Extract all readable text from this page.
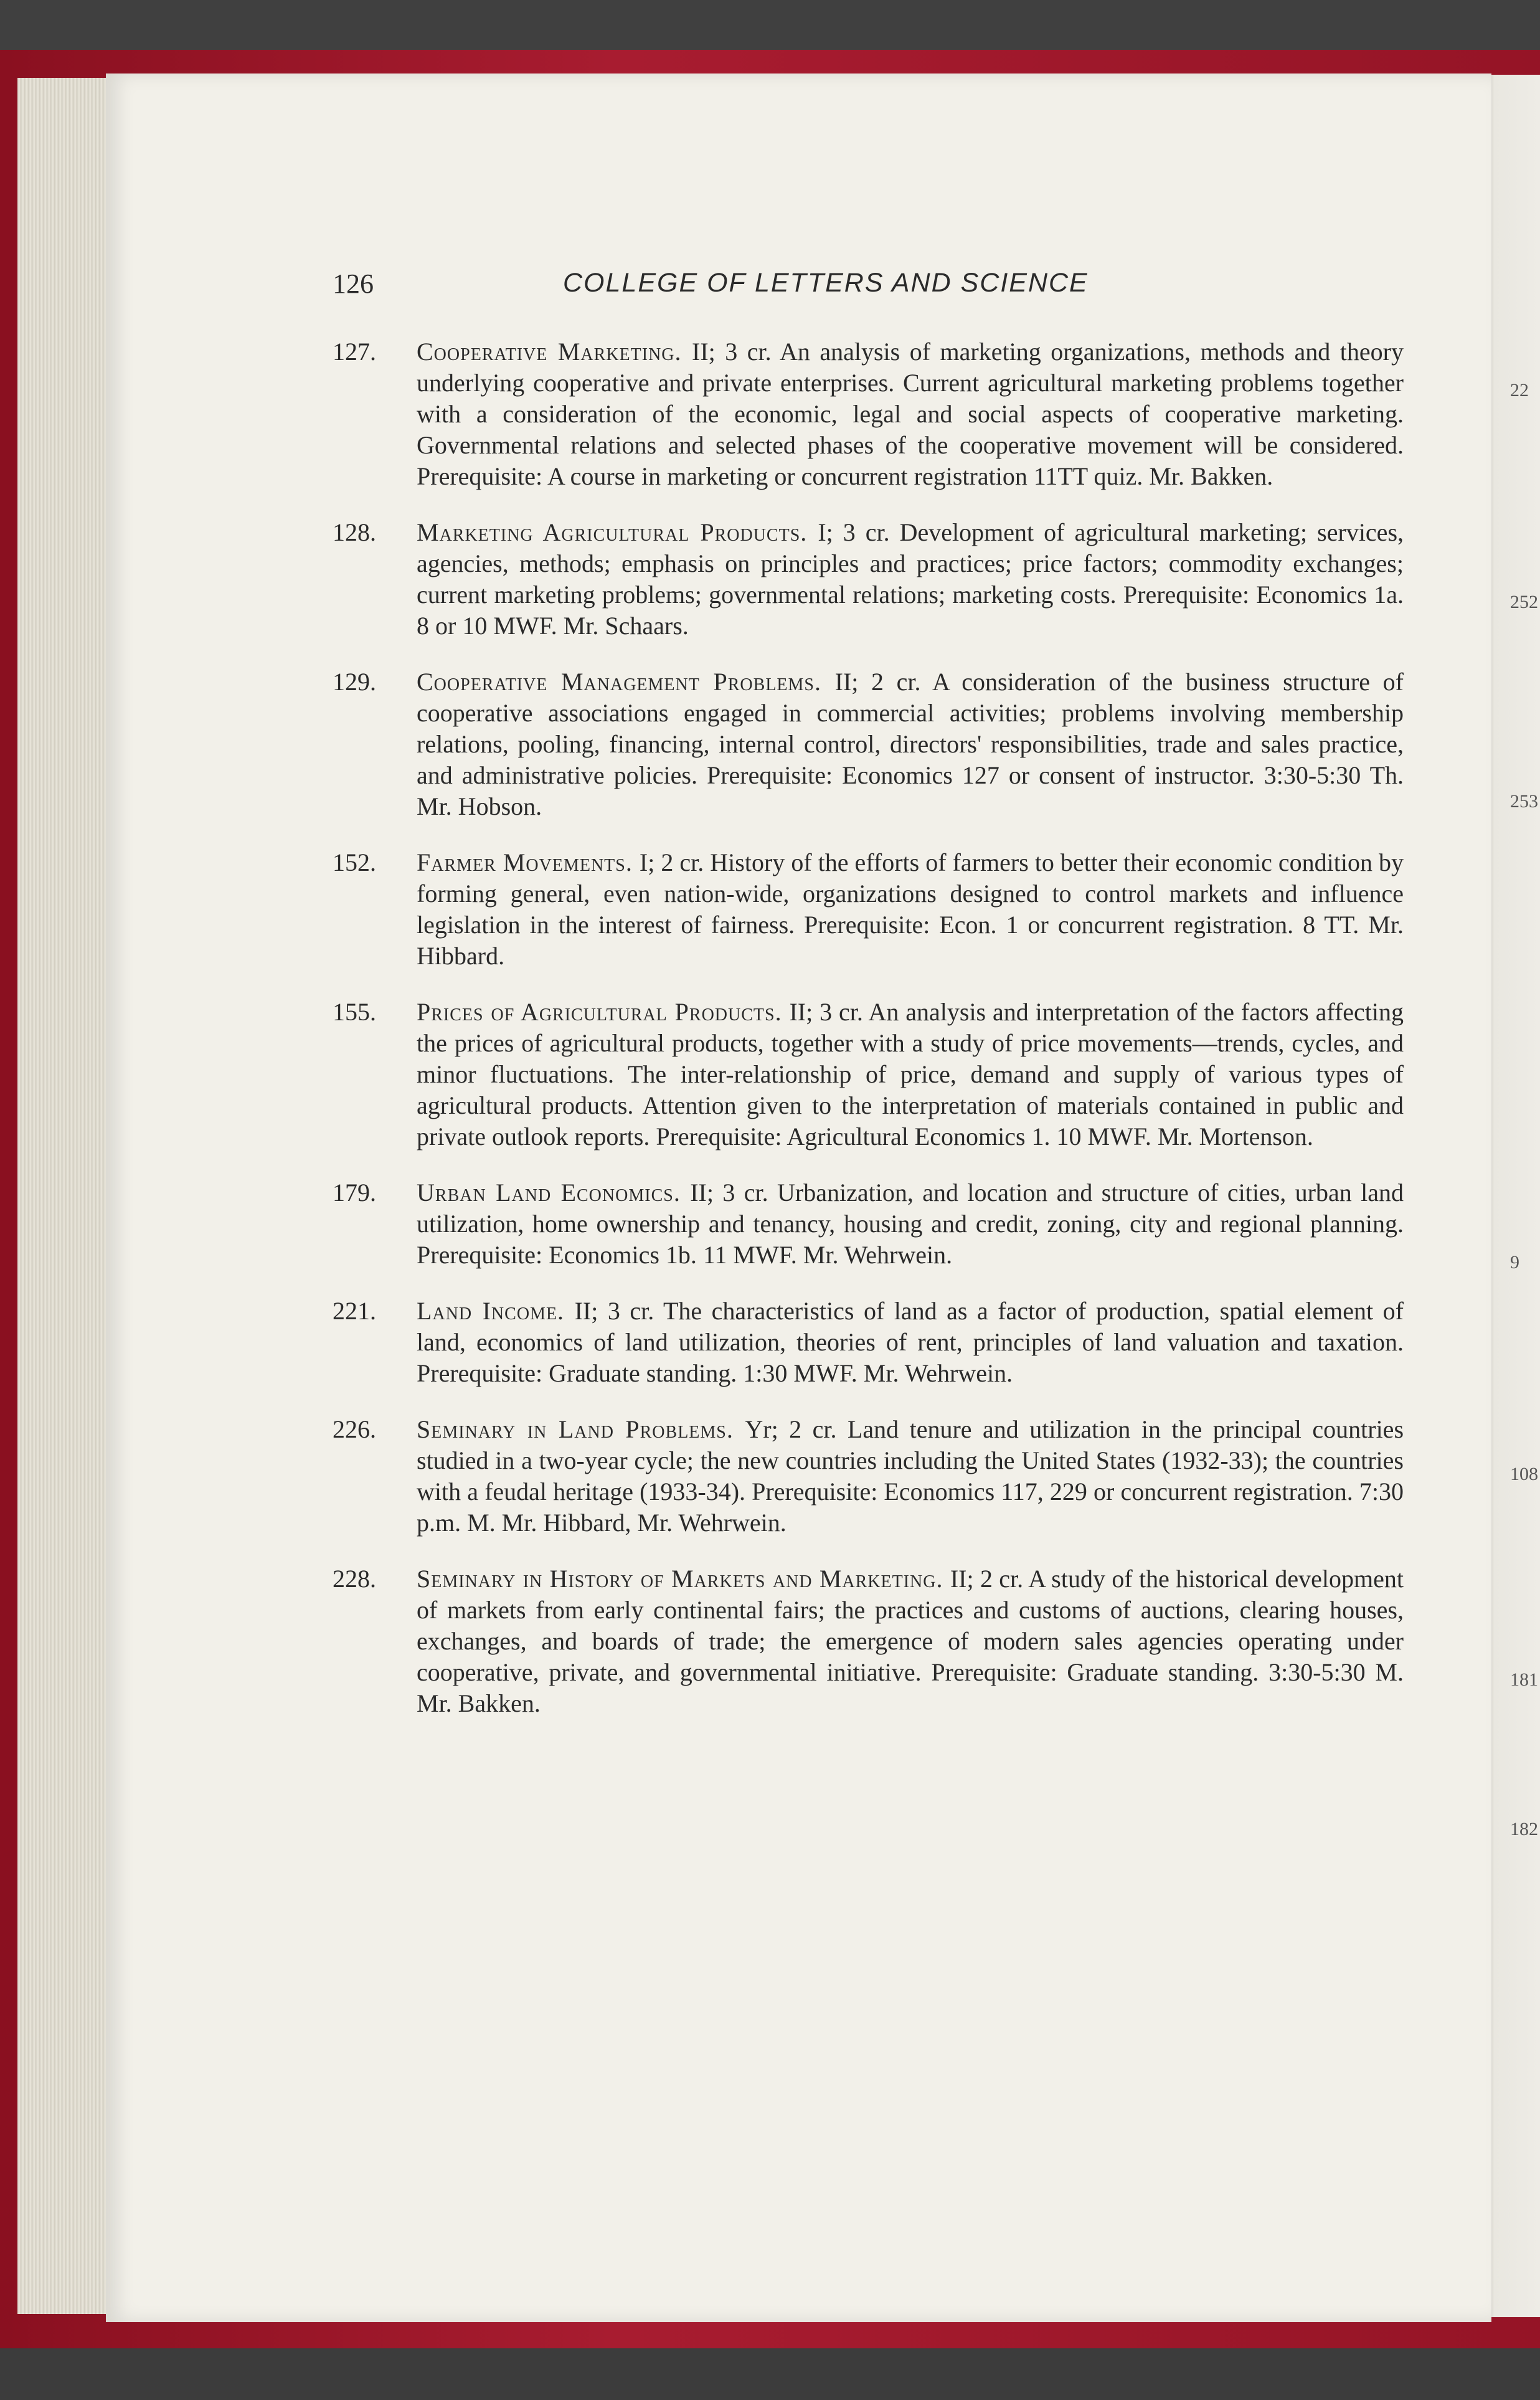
22
252
253
9
108
181
182
126	COLLEGE OF LETTERS AND SCIENCE
127. Cooperative Marketing. II; 3 cr. An analysis of marketing organizations, methods and theory underlying cooperative and private enterprises. Current agricultural marketing problems together with a consideration of the economic, legal and social aspects of cooperative marketing. Governmental relations and selected phases of the cooperative movement will be considered. Prerequisite: A course in marketing or concurrent registration 11TT quiz. Mr. Bakken.
128. Marketing Agricultural Products. I; 3 cr. Development of agricultural marketing; services, agencies, methods; emphasis on principles and practices; price factors; commodity exchanges; current marketing problems; governmental relations; marketing costs. Prerequisite: Economics 1a. 8 or 10 MWF. Mr. Schaars.
129. Cooperative Management Problems. II; 2 cr. A consideration of the business structure of cooperative associations engaged in commercial activities; problems involving membership relations, pooling, financing, internal control, directors' responsibilities, trade and sales practice, and administrative policies. Prerequisite: Economics 127 or consent of instructor. 3:30-5:30 Th. Mr. Hobson.
152. Farmer Movements. I; 2 cr. History of the efforts of farmers to better their economic condition by forming general, even nation-wide, organizations designed to control markets and influence legislation in the interest of fairness. Prerequisite: Econ. 1 or concurrent registration. 8 TT. Mr. Hibbard.
155. Prices of Agricultural Products. II; 3 cr. An analysis and interpretation of the factors affecting the prices of agricultural products, together with a study of price movements—trends, cycles, and minor fluctuations. The inter-relationship of price, demand and supply of various types of agricultural products. Attention given to the interpretation of materials contained in public and private outlook reports. Prerequisite: Agricultural Economics 1. 10 MWF. Mr. Mortenson.
179. Urban Land Economics. II; 3 cr. Urbanization, and location and structure of cities, urban land utilization, home ownership and tenancy, housing and credit, zoning, city and regional planning. Prerequisite: Economics 1b. 11 MWF. Mr. Wehrwein.
221. Land Income. II; 3 cr. The characteristics of land as a factor of production, spatial element of land, economics of land utilization, theories of rent, principles of land valuation and taxation. Prerequisite: Graduate standing. 1:30 MWF. Mr. Wehrwein.
226. Seminary in Land Problems. Yr; 2 cr. Land tenure and utilization in the principal countries studied in a two-year cycle; the new countries including the United States (1932-33); the countries with a feudal heritage (1933-34). Prerequisite: Economics 117, 229 or concurrent registration. 7:30 p.m. M. Mr. Hibbard, Mr. Wehrwein.
228. Seminary in History of Markets and Marketing. II; 2 cr. A study of the historical development of markets from early continental fairs; the practices and customs of auctions, clearing houses, exchanges, and boards of trade; the emergence of modern sales agencies operating under cooperative, private, and governmental initiative. Prerequisite: Graduate standing. 3:30-5:30 M. Mr. Bakken.
